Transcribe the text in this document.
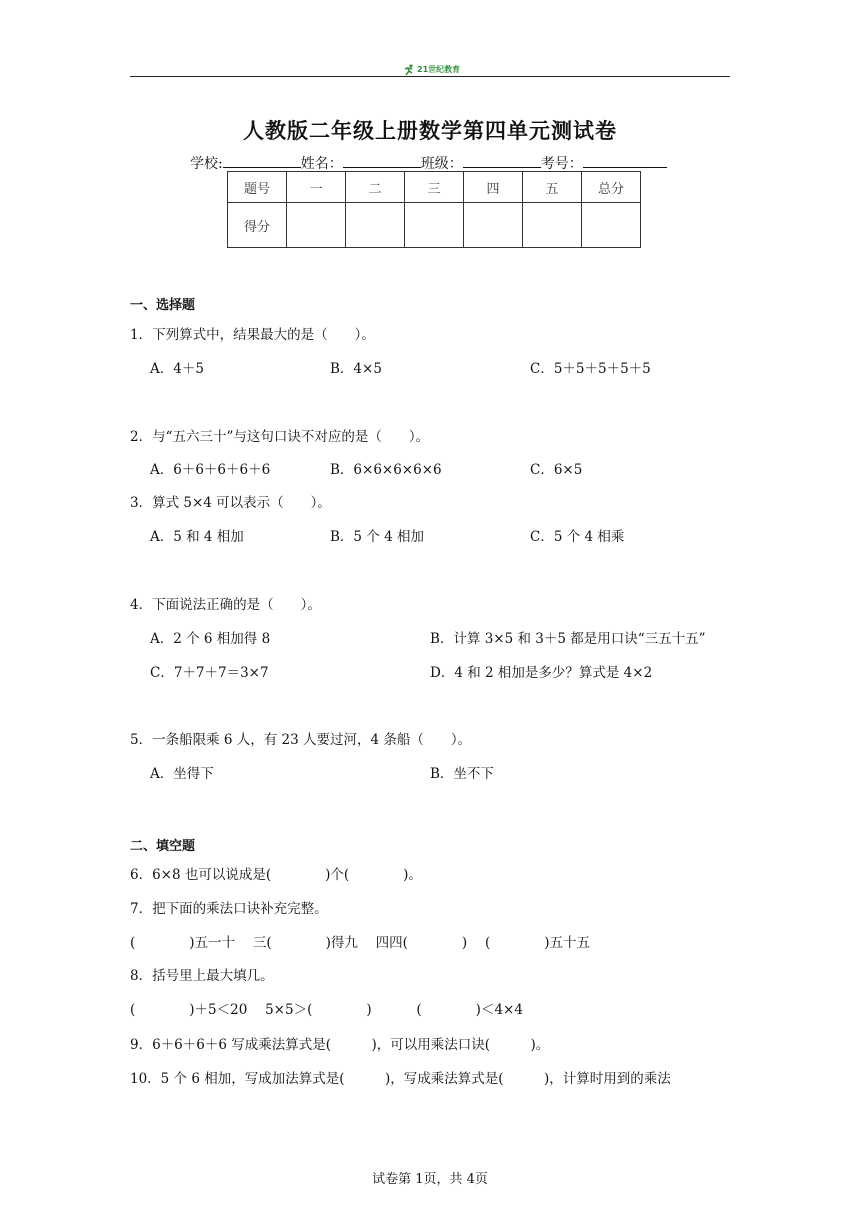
21世纪教育
人教版二年级上册数学第四单元测试卷
学校:	姓名：	班级：	考号：
题号	一	二	三	四	五	总分
得分						
一、选择题
1．下列算式中，结果最大的是（　　）。
A．4＋5	B．4×5	C．5＋5＋5＋5＋5
2．与“五六三十”与这句口诀不对应的是（　　）。
A．6＋6＋6＋6＋6	B．6×6×6×6×6	C．6×5
3．算式 5×4 可以表示（　　）。
A．5 和 4 相加	B．5 个 4 相加	C．5 个 4 相乘
4．下面说法正确的是（　　）。
A．2 个 6 相加得 8	B．计算 3×5 和 3＋5 都是用口诀“三五十五”
C．7＋7＋7＝3×7	D．4 和 2 相加是多少？算式是 4×2
5．一条船限乘 6 人，有 23 人要过河，4 条船（　　）。
A．坐得下	B．坐不下
二、填空题
6．6×8 也可以说成是(　　　　)个(　　　　)。
7．把下面的乘法口诀补充完整。
(　　　　)五一十　 三(　　　　)得九　 四四(　　　　)　 (　　　　)五十五
8．括号里上最大填几。
(　　　　)＋5＜20　 5×5＞(　　　　)　　　 (　　　　)＜4×4
9．6＋6＋6＋6 写成乘法算式是(　　　)，可以用乘法口诀(　　　)。
10．5 个 6 相加，写成加法算式是(　　　)，写成乘法算式是(　　　)，计算时用到的乘法
试卷第 1页，共 4页
